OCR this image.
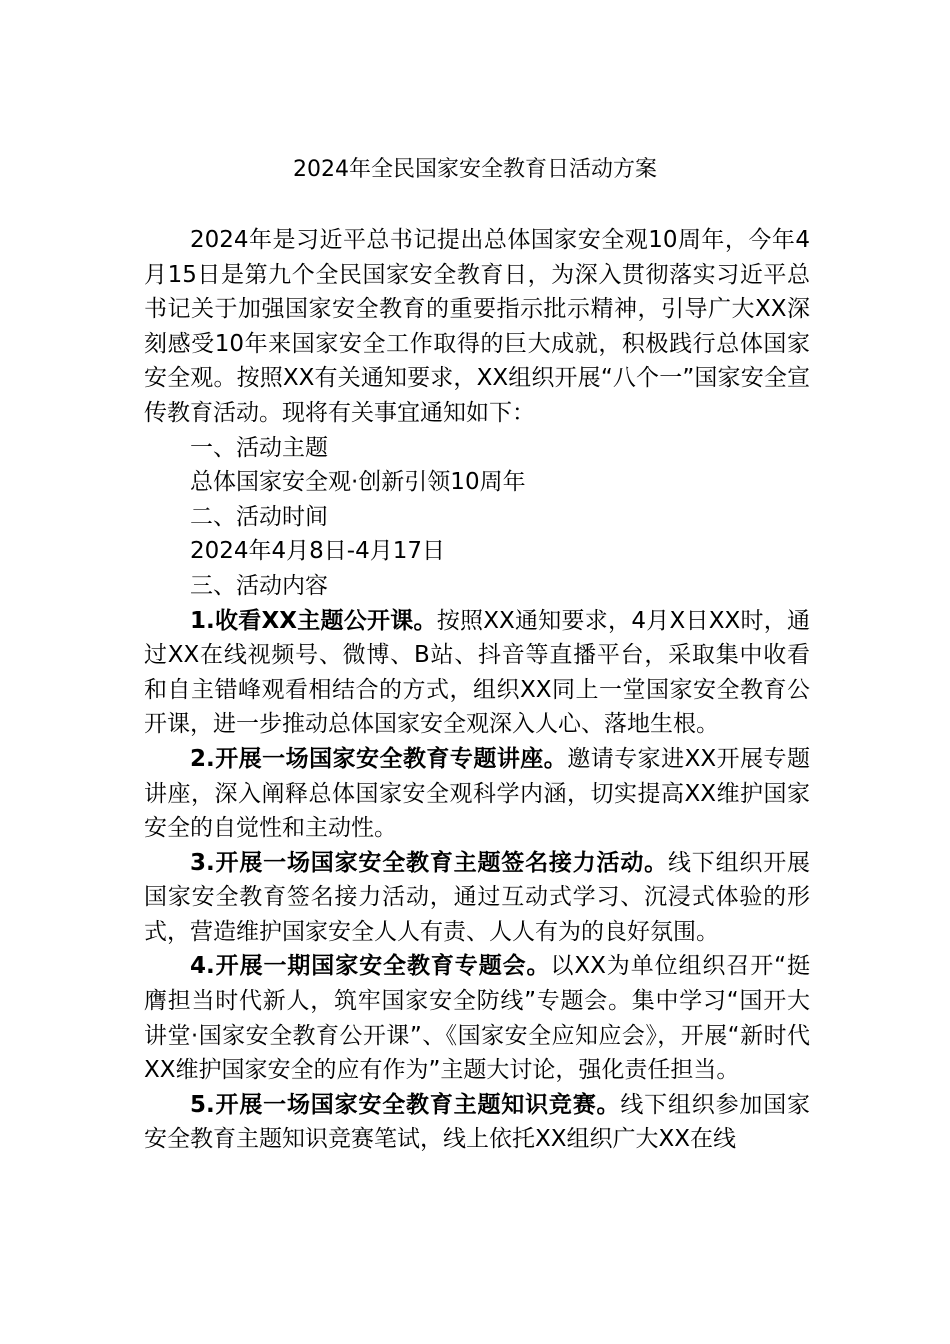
2024年全民国家安全教育日活动方案

2024年是习近平总书记提出总体国家安全观10周年，今年4月15日是第九个全民国家安全教育日，为深入贯彻落实习近平总书记关于加强国家安全教育的重要指示批示精神，引导广大XX深刻感受10年来国家安全工作取得的巨大成就，积极践行总体国家安全观。按照XX有关通知要求，XX组织开展“八个一”国家安全宣传教育活动。现将有关事宜通知如下：

一、活动主题

总体国家安全观·创新引领10周年

二、活动时间

2024年4月8日-4月17日

三、活动内容

1.收看XX主题公开课。按照XX通知要求，4月X日XX时，通过XX在线视频号、微博、B站、抖音等直播平台，采取集中收看和自主错峰观看相结合的方式，组织XX同上一堂国家安全教育公开课，进一步推动总体国家安全观深入人心、落地生根。

2.开展一场国家安全教育专题讲座。邀请专家进XX开展专题讲座，深入阐释总体国家安全观科学内涵，切实提高XX维护国家安全的自觉性和主动性。

3.开展一场国家安全教育主题签名接力活动。线下组织开展国家安全教育签名接力活动，通过互动式学习、沉浸式体验的形式，营造维护国家安全人人有责、人人有为的良好氛围。

4.开展一期国家安全教育专题会。以XX为单位组织召开“挺膺担当时代新人，筑牢国家安全防线”专题会。集中学习“国开大讲堂·国家安全教育公开课”、《国家安全应知应会》，开展“新时代XX维护国家安全的应有作为”主题大讨论，强化责任担当。

5.开展一场国家安全教育主题知识竞赛。线下组织参加国家安全教育主题知识竞赛笔试，线上依托XX组织广大XX在线
